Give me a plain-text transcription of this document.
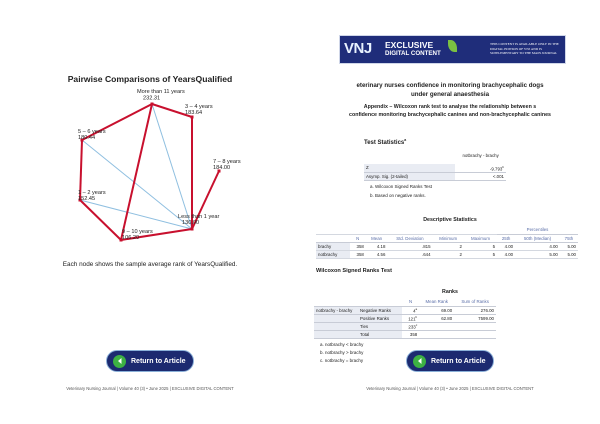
Pairwise Comparisons of YearsQualified
More than 11 years
232.31
3 – 4 years
183.64
5 – 6 years
180.44
7 – 8 years
184.00
1 – 2 years
152.45
Less than 1 year
130.00
9 – 10 years
106.20
Each node shows the sample average rank of YearsQualified.
Return to Article
Veterinary Nursing Journal | Volume 40 (3) • June 2025 | EXCLUSIVE DIGITAL CONTENT
VNJ EXCLUSIVE
DIGITAL CONTENT
THIS CONTENT IS AVAILABLE ONLY IN THE DIGITAL EDITION OF VNJ AND IS SUPPLEMENTARY TO THE MAIN JOURNAL
eterinary nurses confidence in monitoring brachycephalic dogs
under general anaesthesia
Appendix – Wilcoxon rank test to analyse the relationship between s
confidence monitoring brachycephalic canines and non-brachycephalic canines
Test Statistics$^a$
	notbrachy - brachy
Z	-9.793$^b$
Asymp. Sig. (2-tailed)	<.001
a. Wilcoxon Signed Ranks Test
b. Based on negative ranks.
Descriptive Statistics
						Percentiles		
	N	Mean	Std. Deviation	Minimum	Maximum	25th	50th (Median)	75th
brachy	358	4.18	.815	2	5	4.00	4.00	5.00
notbrachy	358	4.56	.644	2	5	4.00	5.00	5.00
Wilcoxon Signed Ranks Test
Ranks
		N	Mean Rank	Sum of Ranks
notbrachy - brachy	Negative Ranks	4$^a$	69.00	276.00
	Positive Ranks	121$^b$	62.80	7599.00
	Ties	233$^c$		
	Total	358		
a. notbrachy < brachy
b. notbrachy > brachy
c. notbrachy = brachy	Return to Article
Veterinary Nursing Journal | Volume 40 (3) • June 2025 | EXCLUSIVE DIGITAL CONTENT
